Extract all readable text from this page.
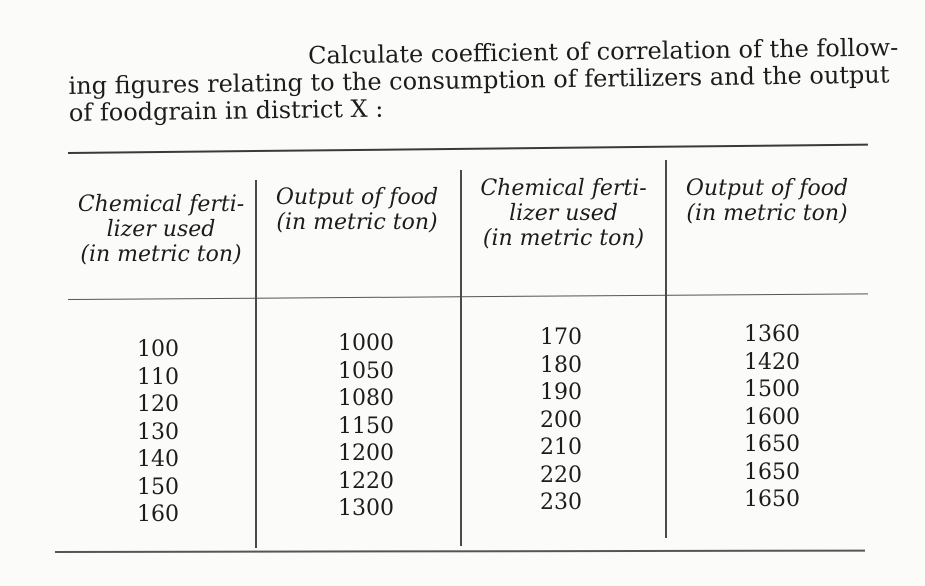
Calculate coefficient of correlation of the follow-
ing figures relating to the consumption of fertilizers and the output
of foodgrain in district X :
Chemical ferti-
lizer used
(in metric ton)
Output of food
(in metric ton)
Chemical ferti-
lizer used
(in metric ton)
Output of food
(in metric ton)
100
110
120
130
140
150
160
1000
1050
1080
1150
1200
1220
1300
170
180
190
200
210
220
230
1360
1420
1500
1600
1650
1650
1650
